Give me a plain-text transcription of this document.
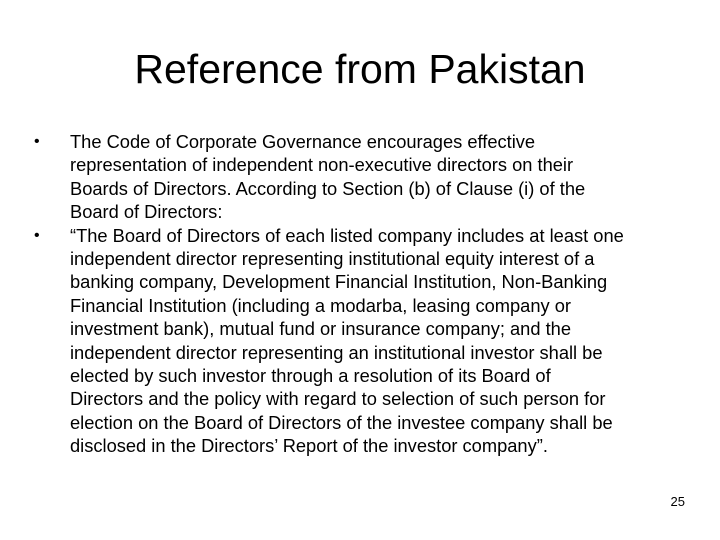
Reference from Pakistan
• The Code of Corporate Governance encourages effective
representation of independent non-executive directors on their
Boards of Directors. According to Section (b) of Clause (i) of the
Board of Directors:
• “The Board of Directors of each listed company includes at least one
independent director representing institutional equity interest of a
banking company, Development Financial Institution, Non-Banking
Financial Institution (including a modarba, leasing company or
investment bank), mutual fund or insurance company; and the
independent director representing an institutional investor shall be
elected by such investor through a resolution of its Board of
Directors and the policy with regard to selection of such person for
election on the Board of Directors of the investee company shall be
disclosed in the Directors’ Report of the investor company”.
25
